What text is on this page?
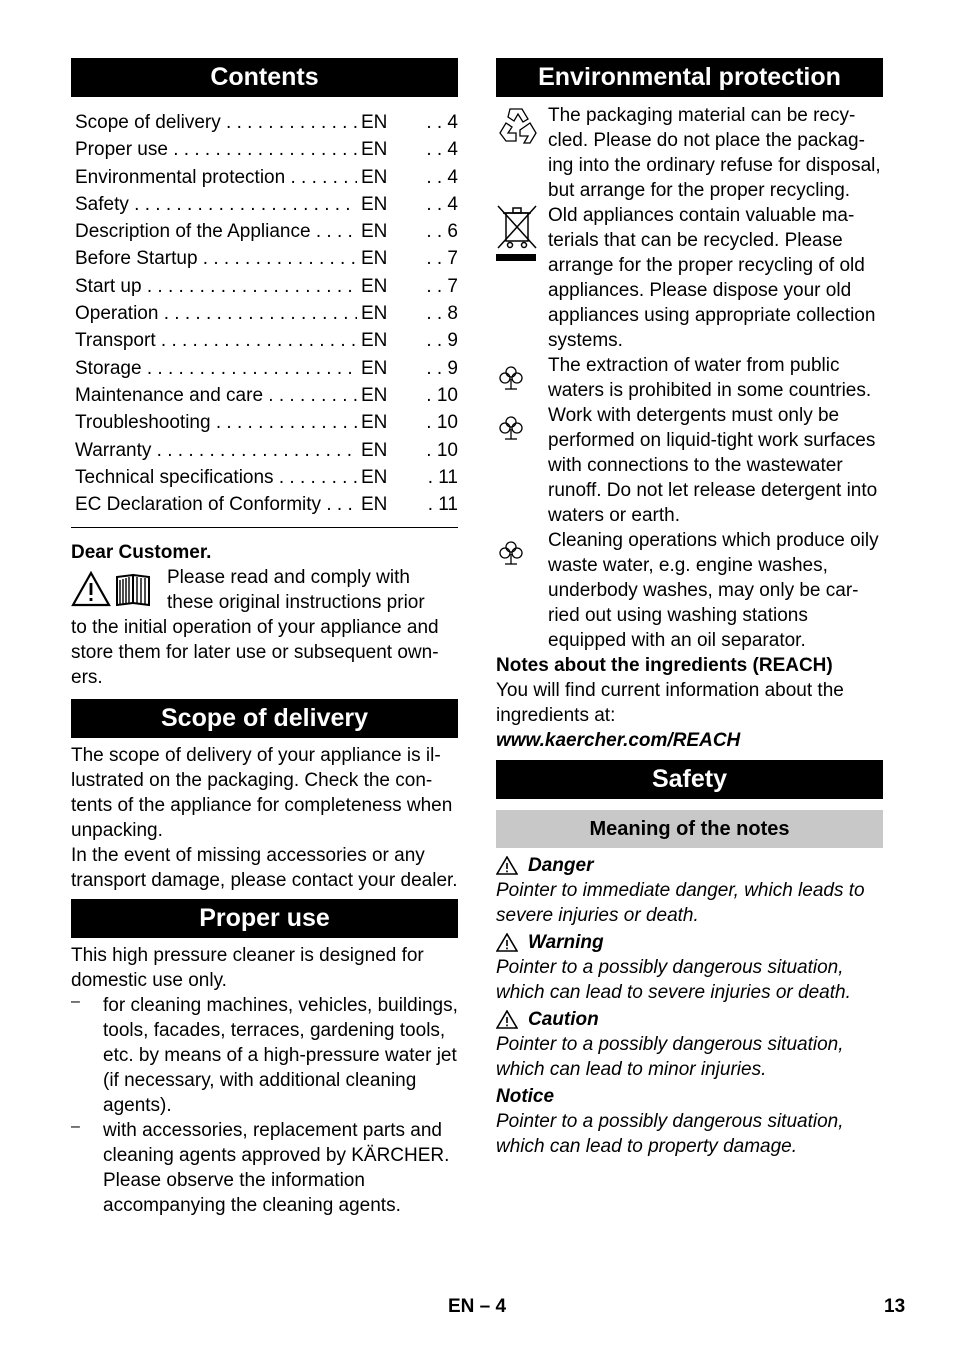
Contents
Scope of delivery . . .	EN	. . 4
Proper use . . .	EN	. . 4
Environmental protection . . .	EN	. . 4
Safety . . .	EN	. . 4
Description of the Appliance . . .	EN	. . 6
Before Startup . . .	EN	. . 7
Start up . . .	EN	. . 7
Operation . . .	EN	. . 8
Transport . . .	EN	. . 9
Storage . . .	EN	. . 9
Maintenance and care . . .	EN	. 10
Troubleshooting . . .	EN	. 10
Warranty . . .	EN	. 10
Technical specifications . . .	EN	. 11
EC Declaration of Conformity . . .	EN	. 11
Dear Customer.

Please read and comply with

these original instructions prior

to the initial operation of your appliance and store them for later use or subsequent owners.

Scope of delivery

The scope of delivery of your appliance is illustrated on the packaging. Check the contents of the appliance for completeness when unpacking.

In the event of missing accessories or any transport damage, please contact your dealer.

Proper use

This high pressure cleaner is designed for domestic use only.

–	for cleaning machines, vehicles, buildings, tools, facades, terraces, gardening tools, etc. by means of a high-pressure water jet (if necessary, with additional cleaning agents).

–	with accessories, replacement parts and cleaning agents approved by KÄRCHER. Please observe the information accompanying the cleaning agents.

Environmental protection

The packaging material can be recycled. Please do not place the packaging into the ordinary refuse for disposal, but arrange for the proper recycling.

Old appliances contain valuable materials that can be recycled. Please arrange for the proper recycling of old appliances. Please dispose your old appliances using appropriate collection systems.

The extraction of water from public waters is prohibited in some countries.

Work with detergents must only be performed on liquid-tight work surfaces with connections to the wastewater runoff. Do not let release detergent into waters or earth.

Cleaning operations which produce oily waste water, e.g. engine washes, underbody washes, may only be carried out using washing stations equipped with an oil separator.

Notes about the ingredients (REACH)

You will find current information about the ingredients at:

www.kaercher.com/REACH

Safety
Meaning of the notes
Danger

Pointer to immediate danger, which leads to severe injuries or death.

Warning

Pointer to a possibly dangerous situation, which can lead to severe injuries or death.

Caution

Pointer to a possibly dangerous situation, which can lead to minor injuries.

Notice

Pointer to a possibly dangerous situation, which can lead to property damage.

EN – 4	13
